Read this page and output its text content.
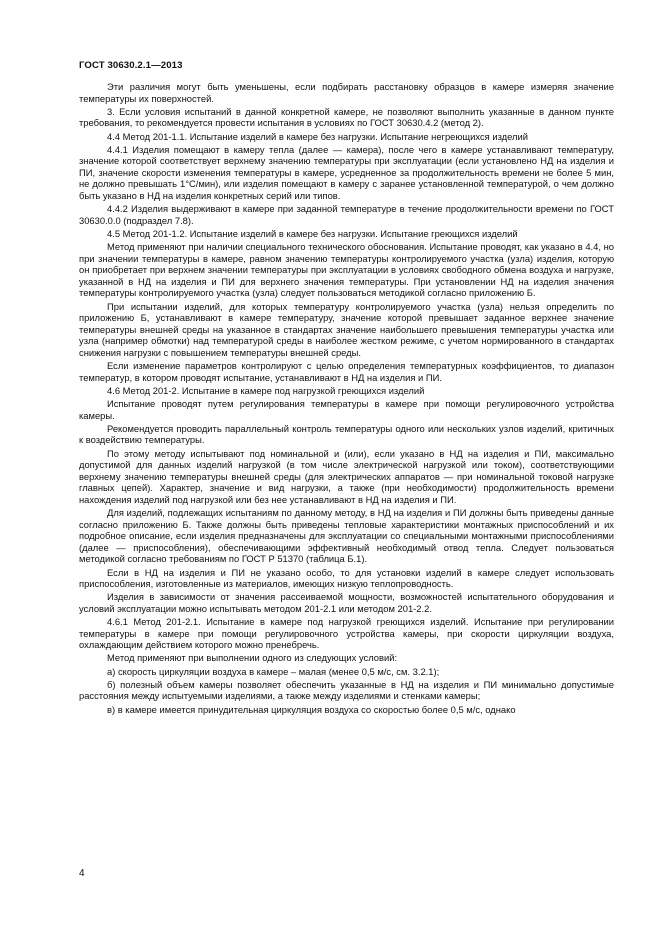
ГОСТ 30630.2.1—2013

Эти различия могут быть уменьшены, если подбирать расстановку образцов в камере измеряя значение температуры их поверхностей.

3. Если условия испытаний в данной конкретной камере, не позволяют выполнить указанные в данном пункте требования, то рекомендуется провести испытания в условиях по ГОСТ 30630.4.2 (метод 2).

4.4 Метод 201-1.1. Испытание изделий в камере без нагрузки. Испытание негреющихся изделий

4.4.1 Изделия помещают в камеру тепла (далее — камера), после чего в камере устанавливают температуру, значение которой соответствует верхнему значению температуры при эксплуатации (если установлено НД на изделия и ПИ, значение скорости изменения температуры в камере, усредненное за продолжительность времени не более 5 мин, не должно превышать 1°С/мин), или изделия помещают в камеру с заранее установленной температурой, о чем должно быть указано в НД на изделия конкретных серий или типов.

4.4.2 Изделия выдерживают в камере при заданной температуре в течение продолжительности времени по ГОСТ 30630.0.0 (подраздел 7.8).

4.5 Метод 201-1.2. Испытание изделий в камере без нагрузки. Испытание греющихся изделий

Метод применяют при наличии специального технического обоснования. Испытание проводят, как указано в 4.4, но при значении температуры в камере, равном значению температуры контролируемого участка (узла) изделия, которую он приобретает при верхнем значении температуры при эксплуатации в условиях свободного обмена воздуха и нагрузке, указанной в НД на изделия и ПИ для верхнего значения температуры. При установлении НД на изделия значения температуры контролируемого участка (узла) следует пользоваться методикой согласно приложению Б.

При испытании изделий, для которых температуру контролируемого участка (узла) нельзя определить по приложению Б, устанавливают в камере температуру, значение которой превышает заданное верхнее значение температуры внешней среды на указанное в стандартах значение наибольшего превышения температуры участка или узла (например обмотки) над температурой среды в наиболее жестком режиме, с учетом нормированного в стандартах снижения нагрузки с повышением температуры внешней среды.

Если изменение параметров контролируют с целью определения температурных коэффициентов, то диапазон температур, в котором проводят испытание, устанавливают в НД на изделия и ПИ.

4.6 Метод 201-2. Испытание в камере под нагрузкой греющихся изделий

Испытание проводят путем регулирования температуры в камере при помощи регулировочного устройства камеры.

Рекомендуется проводить параллельный контроль температуры одного или нескольких узлов изделий, критичных к воздействию температуры.

По этому методу испытывают под номинальной и (или), если указано в НД на изделия и ПИ, максимально допустимой для данных изделий нагрузкой (в том числе электрической нагрузкой или током), соответствующими верхнему значению температуры внешней среды (для электрических аппаратов — при номинальной токовой нагрузке главных цепей). Характер, значение и вид нагрузки, а также (при необходимости) продолжительность времени нахождения изделий под нагрузкой или без нее устанавливают в НД на изделия и ПИ.

Для изделий, подлежащих испытаниям по данному методу, в НД на изделия и ПИ должны быть приведены данные согласно приложению Б. Также должны быть приведены тепловые характеристики монтажных приспособлений и их подробное описание, если изделия предназначены для эксплуатации со специальными монтажными приспособлениями (далее — приспособления), обеспечивающими эффективный необходимый отвод тепла. Следует пользоваться методикой согласно требованиям по ГОСТ Р 51370 (таблица Б.1).

Если в НД на изделия и ПИ не указано особо, то для установки изделий в камере следует использовать приспособления, изготовленные из материалов, имеющих низкую теплопроводность.

Изделия в зависимости от значения рассеиваемой мощности, возможностей испытательного оборудования и условий эксплуатации можно испытывать методом 201-2.1 или методом 201-2.2.

4.6.1 Метод 201-2.1. Испытание в камере под нагрузкой греющихся изделий. Испытание при регулировании температуры в камере при помощи регулировочного устройства камеры, при скорости циркуляции воздуха, охлаждающим действием которого можно пренебречь.

Метод применяют при выполнении одного из следующих условий:

а) скорость циркуляции воздуха в камере – малая (менее 0,5 м/с, см. 3.2.1);

б) полезный объем камеры позволяет обеспечить указанные в НД на изделия и ПИ минимально допустимые расстояния между испытуемыми изделиями, а также между изделиями и стенками камеры;

в) в камере имеется принудительная циркуляция воздуха со скоростью более 0,5 м/с, однако

4
